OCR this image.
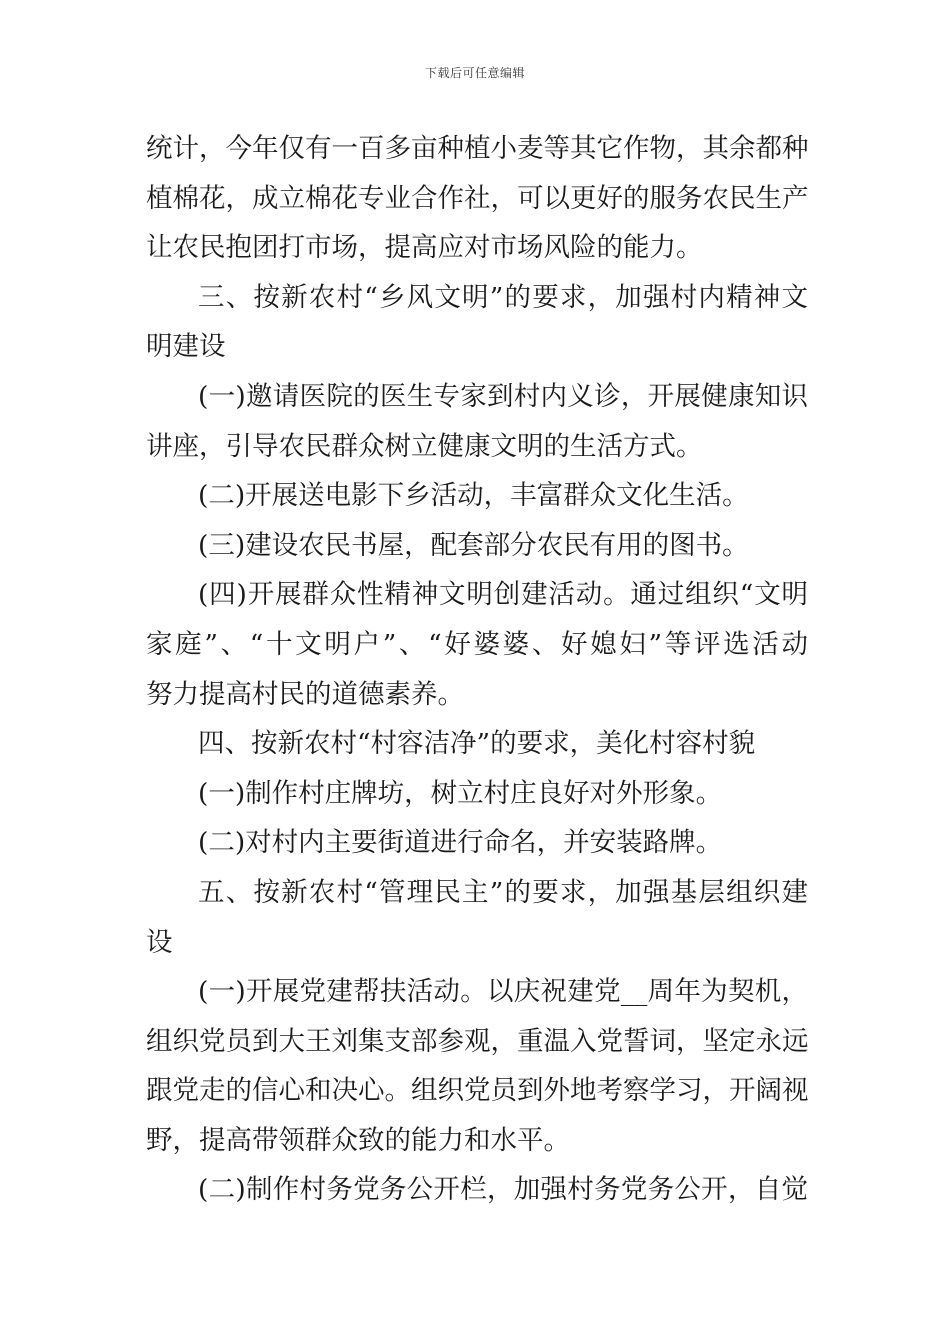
下载后可任意编辑
统计，今年仅有一百多亩种植小麦等其它作物，其余都种
植棉花，成立棉花专业合作社，可以更好的服务农民生产
让农民抱团打市场，提高应对市场风险的能力。
三、按新农村“乡风文明”的要求，加强村内精神文
明建设
(一)邀请医院的医生专家到村内义诊，开展健康知识
讲座，引导农民群众树立健康文明的生活方式。
(二)开展送电影下乡活动，丰富群众文化生活。
(三)建设农民书屋，配套部分农民有用的图书。
(四)开展群众性精神文明创建活动。通过组织“文明
家庭”、“十文明户”、“好婆婆、好媳妇”等评选活动
努力提高村民的道德素养。
四、按新农村“村容洁净”的要求，美化村容村貌
(一)制作村庄牌坊，树立村庄良好对外形象。
(二)对村内主要街道进行命名，并安装路牌。
五、按新农村“管理民主”的要求，加强基层组织建
设
(一)开展党建帮扶活动。以庆祝建党__周年为契机，
组织党员到大王刘集支部参观，重温入党誓词，坚定永远
跟党走的信心和决心。组织党员到外地考察学习，开阔视
野，提高带领群众致的能力和水平。
(二)制作村务党务公开栏，加强村务党务公开，自觉
